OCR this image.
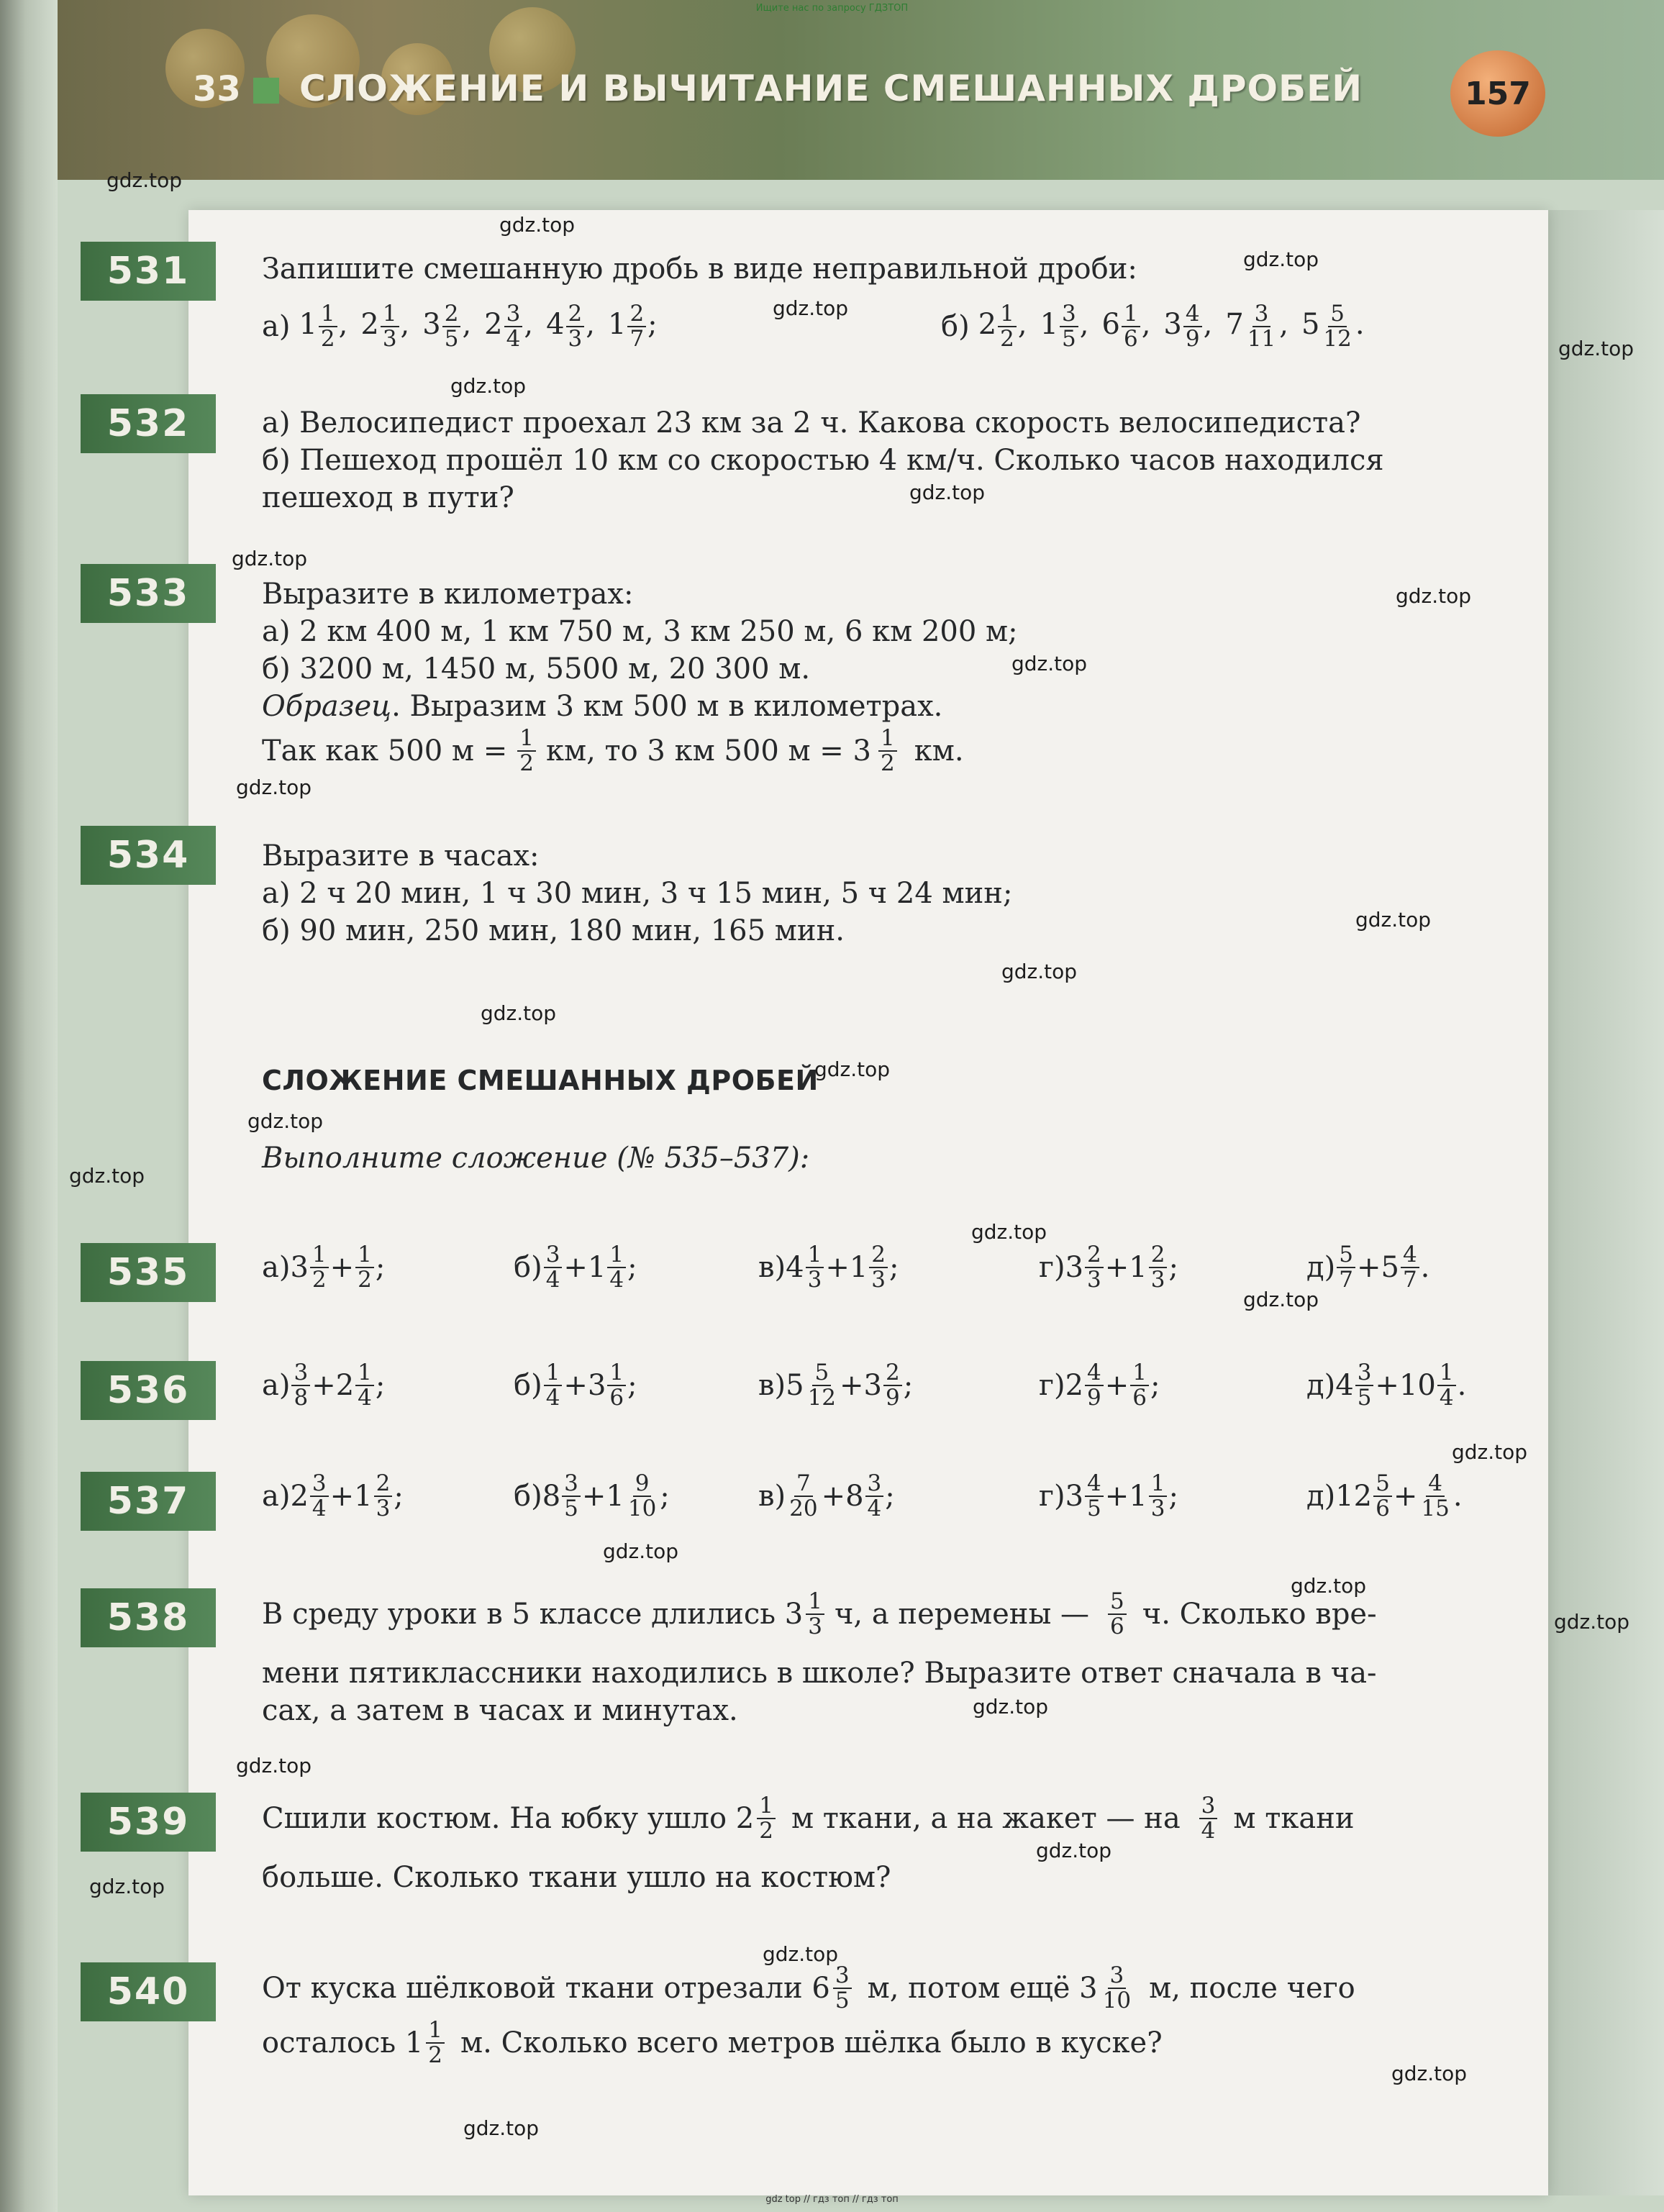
Ищите нас по запросу ГДЗТОП
33 СЛОЖЕНИЕ И ВЫЧИТАНИЕ СМЕШАННЫХ ДРОБЕЙ	157
531	Запишите смешанную дробь в виде неправильной дроби:
а) $1 \frac{1}{2}$ , $2 \frac{1}{3}$ , $3 \frac{2}{5}$ , $2 \frac{3}{4}$ , $4 \frac{2}{3}$ , $1 \frac{2}{7}$ ;	б) $2 \frac{1}{2}$ , $1 \frac{3}{5}$ , $6 \frac{1}{6}$ , $3 \frac{4}{9}$ , $7 \frac{3}{11}$ , $5 \frac{5}{12}$ .
532	а) Велосипедист проехал 23 км за 2 ч. Какова скорость велосипедиста?
б) Пешеход прошёл 10 км со скоростью 4 км/ч. Сколько часов находился
пешеход в пути?
533	Выразите в километрах:
а) 2 км 400 м, 1 км 750 м, 3 км 250 м, 6 км 200 м;
б) 3200 м, 1450 м, 5500 м, 20 300 м.
Образец. Выразим 3 км 500 м в километрах.
Так как 500 $м = \frac{1}{2}$ км, то 3 км 500 $м = 3 \frac{1}{2}$ км.
534	Выразите в часах:
а) 2 ч 20 мин, 1 ч 30 мин, 3 ч 15 мин, 5 ч 24 мин;
б) 90 мин, 250 мин, 180 мин, 165 мин.
СЛОЖЕНИЕ СМЕШАННЫХ ДРОБЕЙ
Выполните сложение (№ 535–537):
535	а) $3 \frac{1}{2} + \frac{1}{2}$ ;	$б) \frac{3}{4} + 1 \frac{1}{4}$ ;	в) $4 \frac{1}{3} + 1 \frac{2}{3}$ ;	г) $3 \frac{2}{3} + 1 \frac{2}{3}$ ;	$д) \frac{5}{7} + 5 \frac{4}{7}$ .
536	$а) \frac{3}{8} + 2 \frac{1}{4}$ ;	$б) \frac{1}{4} + 3 \frac{1}{6}$ ;	в) $5 \frac{5}{12} + 3 \frac{2}{9}$ ;	г) $2 \frac{4}{9} + \frac{1}{6}$ ;	д) $4 \frac{3}{5} + 10 \frac{1}{4}$ .
537	а) $2 \frac{3}{4} + 1 \frac{2}{3}$ ;	б) $8 \frac{3}{5} + 1 \frac{9}{10}$ ;	$в) \frac{7}{20} + 8 \frac{3}{4}$ ;	г) $3 \frac{4}{5} + 1 \frac{1}{3}$ ;	д) $12 \frac{5}{6} + \frac{4}{15}$ .
538	В среду уроки в 5 классе длились $3 \frac{1}{3} ч$, а перемены — $\frac{5}{6} ч$. Сколько вре-
мени пятиклассники находились в школе? Выразите ответ сначала в ча-
сах, а затем в часах и минутах.
539	Сшили костюм. На юбку ушло $2 \frac{1}{2}$ м ткани, а на жакет — на $\frac{3}{4}$ м ткани
больше. Сколько ткани ушло на костюм?
540	От куска шёлковой ткани отрезали $6 \frac{3}{5} м$, потом ещё $3 \frac{3}{10} м$, после чего
осталось $1 \frac{1}{2} м$. Сколько всего метров шёлка было в куске?
gdz.top
gdz.top
gdz.top
gdz.top
gdz.top
gdz.top
gdz.top
gdz.top
gdz.top
gdz.top
gdz.top
gdz.top
gdz.top
gdz.top
gdz.top
gdz.top
gdz.top
gdz.top
gdz.top
gdz.top
gdz.top
gdz.top
gdz.top
gdz.top
gdz.top
gdz.top
gdz.top
gdz.top
gdz.top
gdz.top
gdz top // гдз топ // гдз топ
